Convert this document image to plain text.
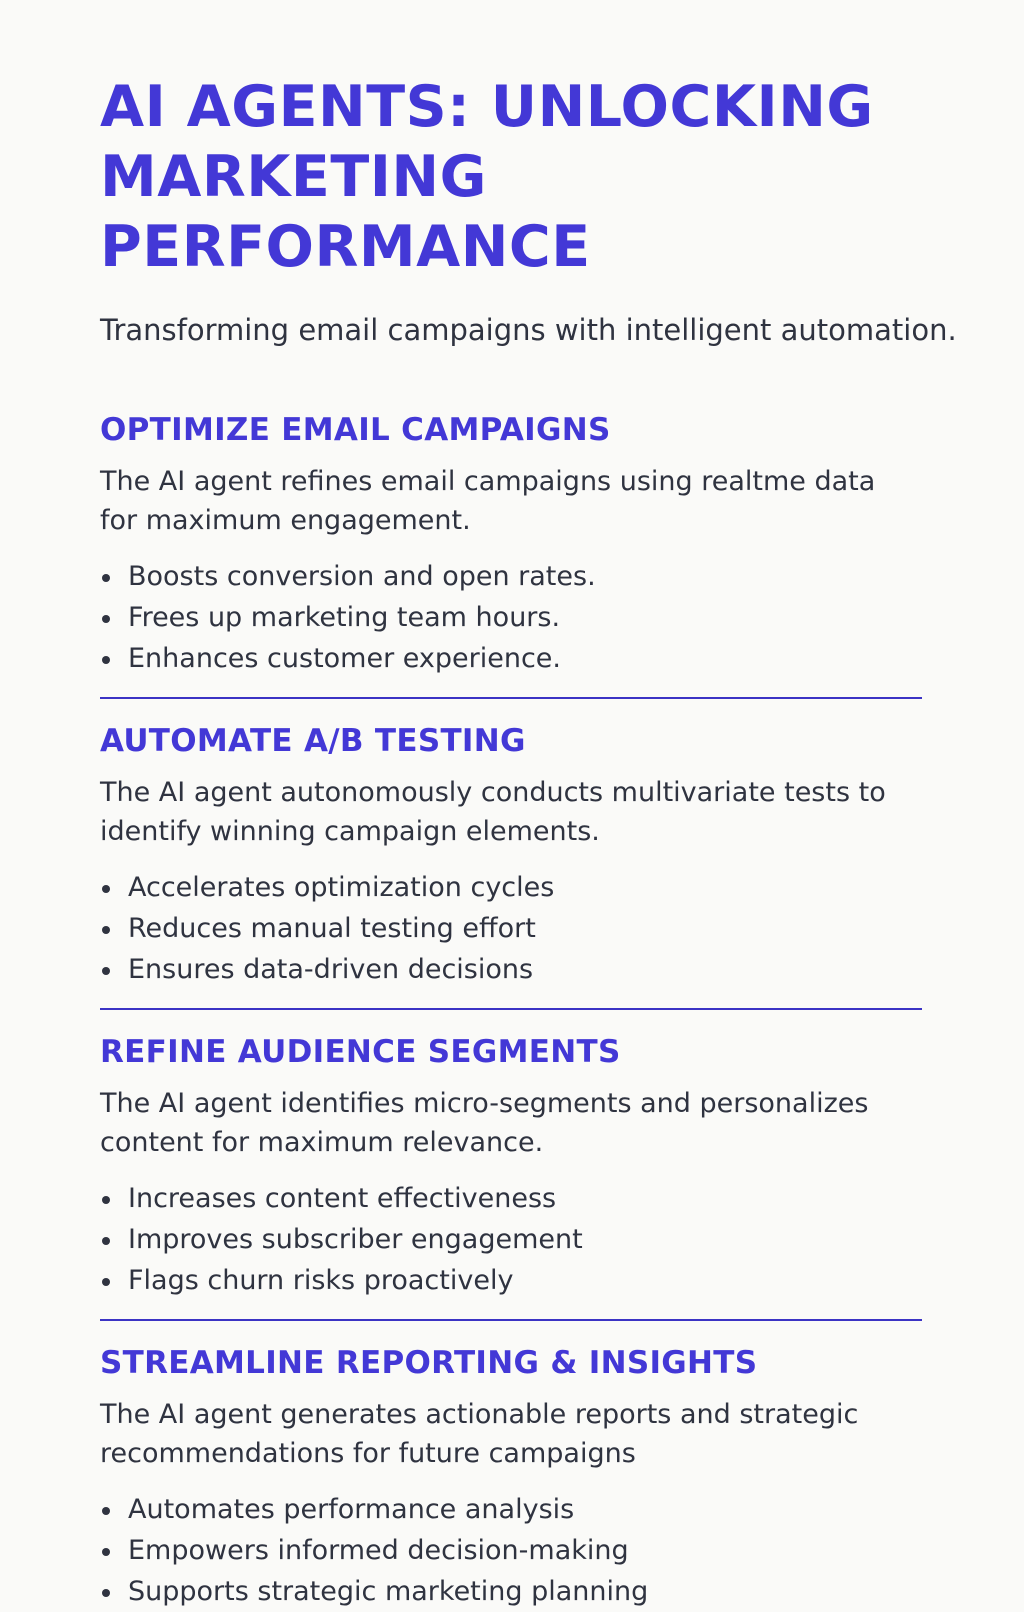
AI AGENTS: UNLOCKING
MARKETING PERFORMANCE

Transforming email campaigns with intelligent automation.

OPTIMIZE EMAIL CAMPAIGNS

The AI agent refines email campaigns using realtme data for maximum engagement.

Boosts conversion and open rates.
Frees up marketing team hours.
Enhances customer experience.
AUTOMATE A/B TESTING

The AI agent autonomously conducts multivariate tests to identify winning campaign elements.

Accelerates optimization cycles
Reduces manual testing effort
Ensures data-driven decisions
REFINE AUDIENCE SEGMENTS

The AI agent identifies micro-segments and personalizes content for maximum relevance.

Increases content effectiveness
Improves subscriber engagement
Flags churn risks proactively
STREAMLINE REPORTING & INSIGHTS

The AI agent generates actionable reports and strategic recommendations for future campaigns

Automates performance analysis
Empowers informed decision-making
Supports strategic marketing planning
